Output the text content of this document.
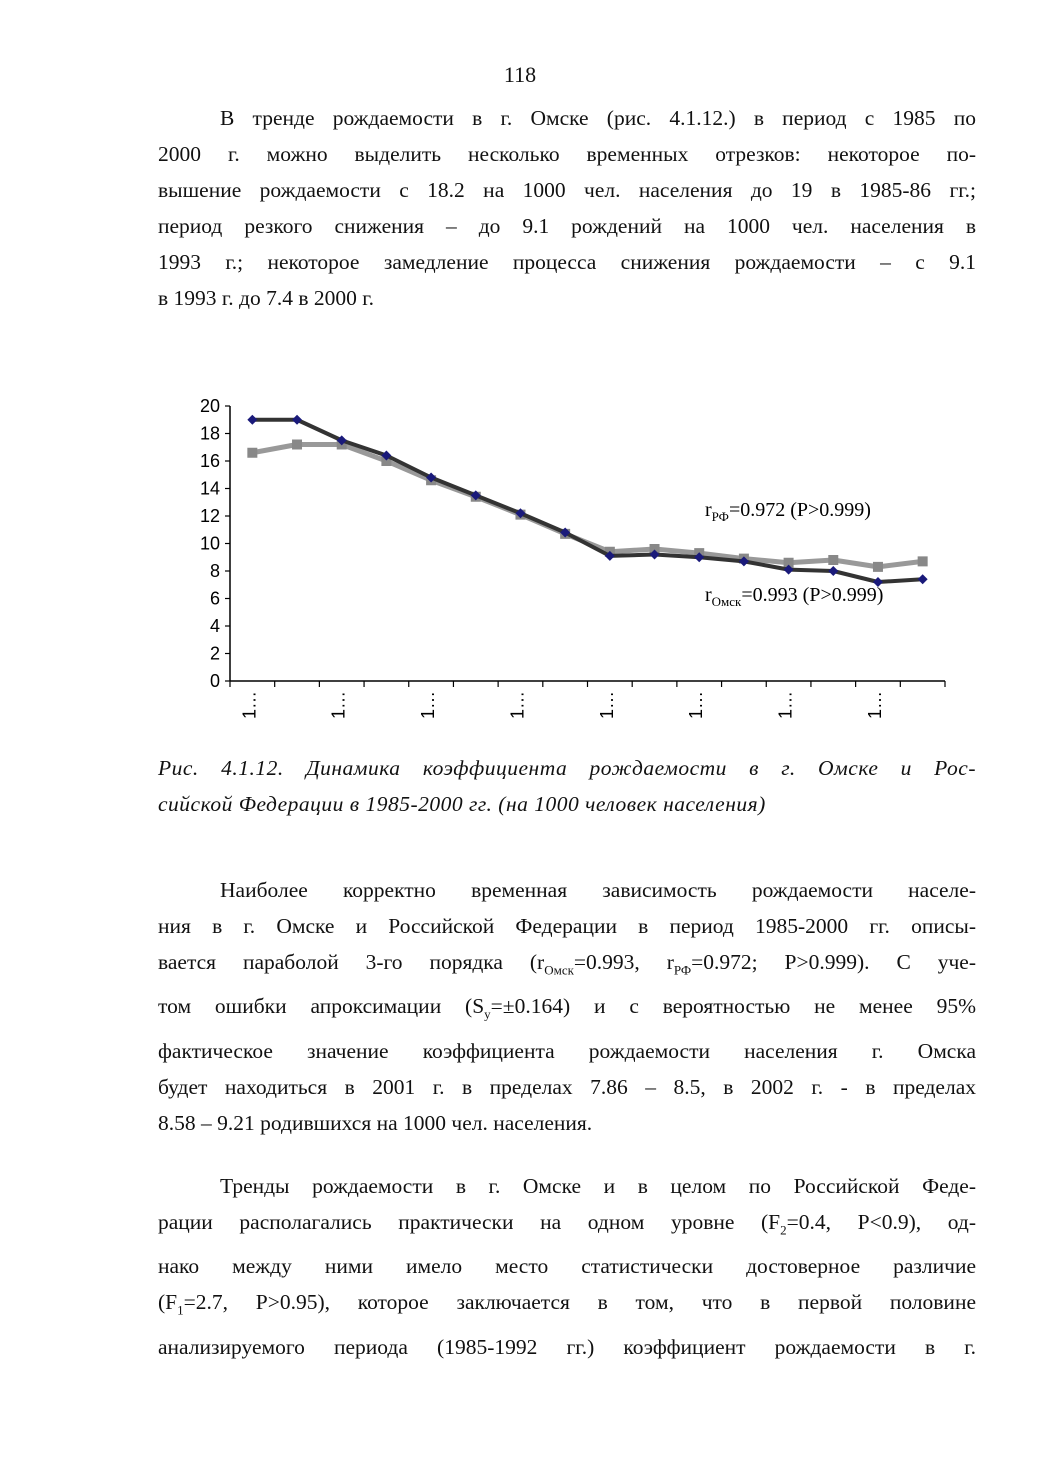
118
В тренде рождаемости в г. Омске (рис. 4.1.12.) в период с 1985 по
2000 г. можно выделить несколько временных отрезков: некоторое по-
вышение рождаемости с 18.2 на 1000 чел. населения до 19 в 1985-86 гг.;
период резкого снижения – до 9.1 рождений на 1000 чел. населения в
1993 г.; некоторое замедление процесса снижения рождаемости – с 9.1
в 1993 г. до 7.4 в 2000 г.
0
2
4
6
8
10
12
14
16
18
20
1…	1…	1…	1…	1…	1…	1…	1…
$r_{РФ}=0.972$ (P>0.999)
$r_{Омск}=0.993$ (P>0.999)
Рис. 4.1.12. Динамика коэффициента рождаемости в г. Омске и Рос-
сийской Федерации в 1985-2000 гг. (на 1000 человек населения)
Наиболее корректно временная зависимость рождаемости населе-
ния в г. Омске и Российской Федерации в период 1985-2000 гг. описы-
вается параболой 3-го порядка ($r_{Омск}=0.993$, $r_{РФ}=0.972$; P>0.999). С уче-
том ошибки апроксимации $(S_y=\pm 0.164)$ и с вероятностью не менее 95%
фактическое значение коэффициента рождаемости населения г. Омска
будет находиться в 2001 г. в пределах 7.86 – 8.5, в 2002 г. - в пределах
8.58 – 9.21 родившихся на 1000 чел. населения.
Тренды рождаемости в г. Омске и в целом по Российской Феде-
рации располагались практически на одном уровне ($F_2=0.4$, P<0.9), од-
нако между ними имело место статистически достоверное различие
($F_1=2.7$, P>0.95), которое заключается в том, что в первой половине
анализируемого периода (1985-1992 гг.) коэффициент рождаемости в г.
